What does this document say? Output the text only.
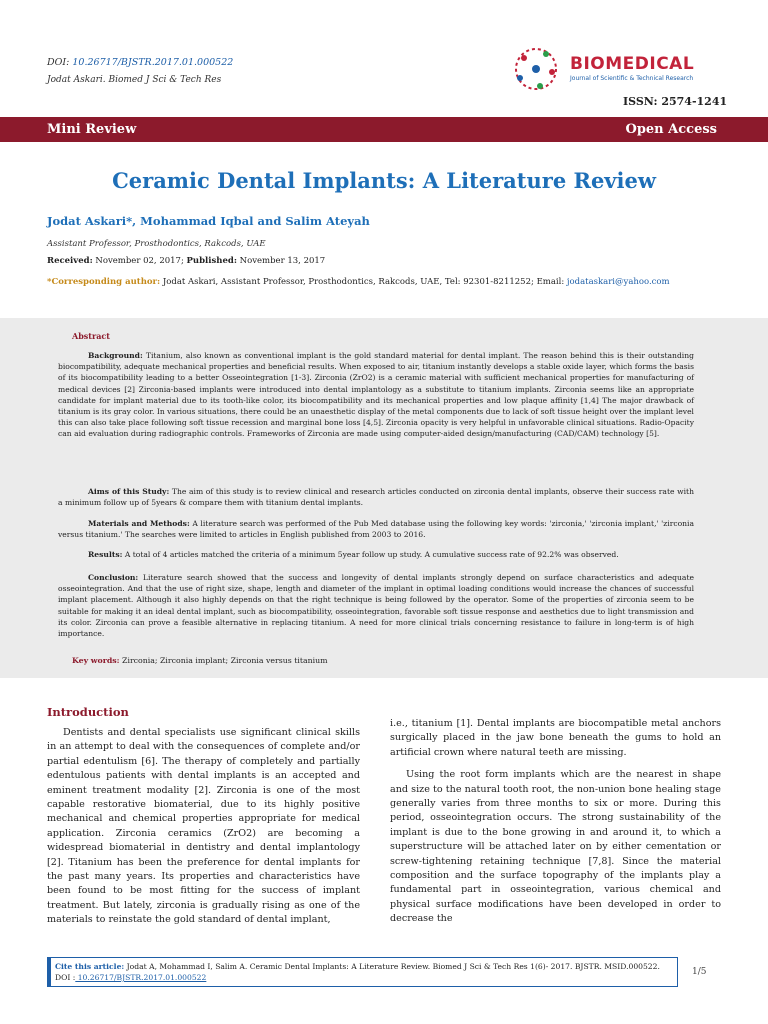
DOI: 10.26717/BJSTR.2017.01.000522
Jodat Askari. Biomed J Sci & Tech Res
BIOMEDICAL
Journal of Scientific & Technical Research
ISSN: 2574-1241
Mini Review	Open Access
Ceramic Dental Implants: A Literature Review
Jodat Askari*, Mohammad Iqbal and Salim Ateyah
Assistant Professor, Prosthodontics, Rakcods, UAE
Received: November 02, 2017; Published: November 13, 2017
*Corresponding author: Jodat Askari, Assistant Professor, Prosthodontics, Rakcods, UAE, Tel: 92301-8211252; Email: jodataskari@yahoo.com
Abstract

Background: Titanium, also known as conventional implant is the gold standard material for dental implant. The reason behind this is their outstanding biocompatibility, adequate mechanical properties and beneficial results. When exposed to air, titanium instantly develops a stable oxide layer, which forms the basis of its biocompatibility leading to a better Osseointegration [1-3]. Zirconia (ZrO2) is a ceramic material with sufficient mechanical properties for manufacturing of medical devices [2] Zirconia-based implants were introduced into dental implantology as a substitute to titanium implants. Zirconia seems like an appropriate candidate for implant material due to its tooth-like color, its biocompatibility and its mechanical properties and low plaque affinity [1,4] The major drawback of titanium is its gray color. In various situations, there could be an unaesthetic display of the metal components due to lack of soft tissue height over the implant level this can also take place following soft tissue recession and marginal bone loss [4,5]. Zirconia opacity is very helpful in unfavorable clinical situations. Radio-Opacity can aid evaluation during radiographic controls. Frameworks of Zirconia are made using computer-aided design/manufacturing (CAD/CAM) technology [5].

Aims of this Study: The aim of this study is to review clinical and research articles conducted on zirconia dental implants, observe their success rate with a minimum follow up of 5years & compare them with titanium dental implants.

Materials and Methods: A literature search was performed of the Pub Med database using the following key words: 'zirconia,' 'zirconia implant,' 'zirconia versus titanium.' The searches were limited to articles in English published from 2003 to 2016.

Results: A total of 4 articles matched the criteria of a minimum 5year follow up study. A cumulative success rate of 92.2% was observed.

Conclusion: Literature search showed that the success and longevity of dental implants strongly depend on surface characteristics and adequate osseointegration. And that the use of right size, shape, length and diameter of the implant in optimal loading conditions would increase the chances of successful implant placement. Although it also highly depends on that the right technique is being followed by the operator. Some of the properties of zirconia seem to be suitable for making it an ideal dental implant, such as biocompatibility, osseointegration, favorable soft tissue response and aesthetics due to light transmission and its color. Zirconia can prove a feasible alternative in replacing titanium. A need for more clinical trials concerning resistance to failure in long-term is of high importance.

Key words: Zirconia; Zirconia implant; Zirconia versus titanium
Introduction

Dentists and dental specialists use significant clinical skills in an attempt to deal with the consequences of complete and/or partial edentulism [6]. The therapy of completely and partially edentulous patients with dental implants is an accepted and eminent treatment modality [2]. Zirconia is one of the most capable restorative biomaterial, due to its highly positive mechanical and chemical properties appropriate for medical application. Zirconia ceramics (ZrO2) are becoming a widespread biomaterial in dentistry and dental implantology [2]. Titanium has been the preference for dental implants for the past many years. Its properties and characteristics have been found to be most fitting for the success of implant treatment. But lately, zirconia is gradually rising as one of the materials to reinstate the gold standard of dental implant,

i.e., titanium [1]. Dental implants are biocompatible metal anchors surgically placed in the jaw bone beneath the gums to hold an artificial crown where natural teeth are missing.

Using the root form implants which are the nearest in shape and size to the natural tooth root, the non-union bone healing stage generally varies from three months to six or more. During this period, osseointegration occurs. The strong sustainability of the implant is due to the bone growing in and around it, to which a superstructure will be attached later on by either cementation or screw-tightening retaining technique [7,8]. Since the material composition and the surface topography of the implants play a fundamental part in osseointegration, various chemical and physical surface modifications have been developed in order to decrease the

Cite this article: Jodat A, Mohammad I, Salim A. Ceramic Dental Implants: A Literature Review. Biomed J Sci & Tech Res 1(6)- 2017. BJSTR. MSID.000522. DOI : 10.26717/BJSTR.2017.01.000522
1/5
